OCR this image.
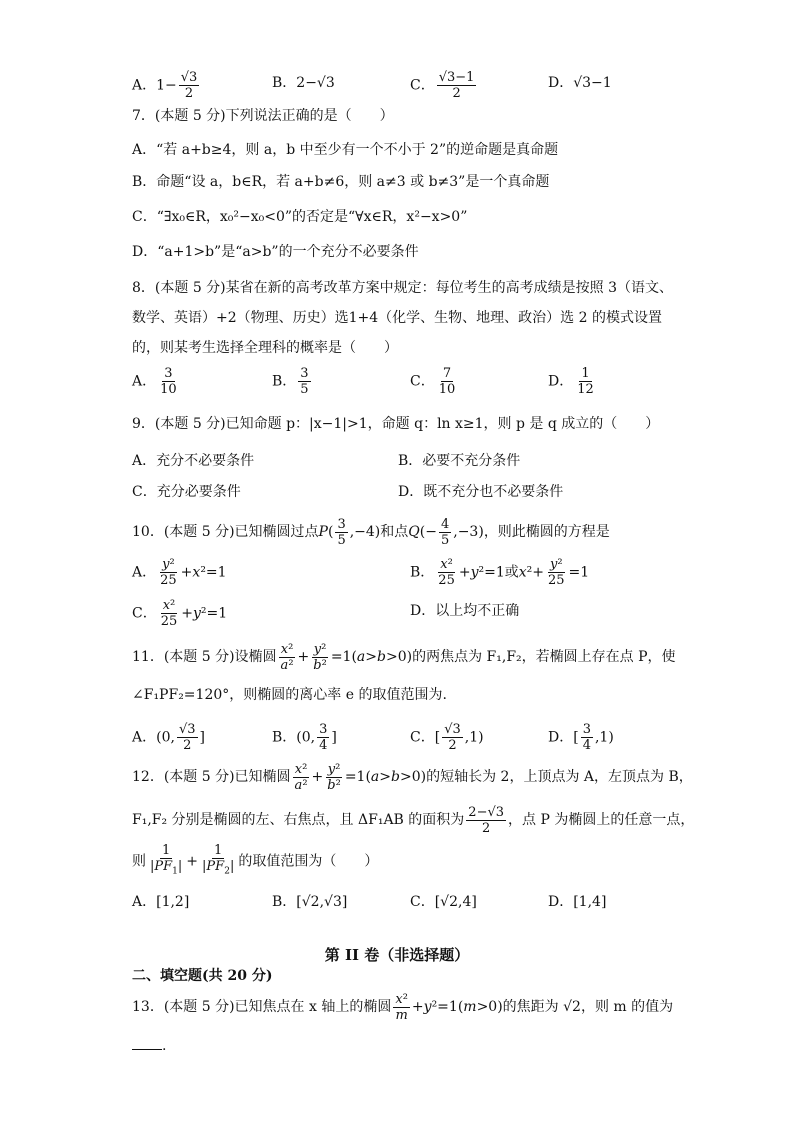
A．$1- \frac{√3}{2}$	B．2−√3	C． $\frac{√3-1}{2}$	D．√3−1
7．(本题 5 分)下列说法正确的是（　　）
A．“若 a+b≥4，则 a，b 中至少有一个不小于 2”的逆命题是真命题
B．命题“设 a，b∈R，若 a+b≠6，则 a≠3 或 b≠3”是一个真命题
C．“∃x₀∈R，x₀²−x₀<0”的否定是“∀x∈R，x²−x>0”
D．“a+1>b”是“a>b”的一个充分不必要条件
8．(本题 5 分)某省在新的高考改革方案中规定：每位考生的高考成绩是按照 3（语文、
数学、英语）+2（物理、历史）选1+4（化学、生物、地理、政治）选 2 的模式设置
的，则某考生选择全理科的概率是（　　）
A． $\frac{3}{10}$	B． $\frac{3}{5}$	C． $\frac{7}{10}$	D． $\frac{1}{12}$
9．(本题 5 分)已知命题 p：|x−1|>1，命题 q：ln x≥1，则 p 是 q 成立的（　　）
A．充分不必要条件	B．必要不充分条件
C．充分必要条件	D．既不充分也不必要条件
10．(本题 5 分)已知椭圆过点$P( \frac{3}{5} ,-4)$和点$Q(- \frac{4}{5} ,-3)$，则此椭圆的方程是
A． $\frac{\text{y²}}{25} +x^2=1$	B． $\frac{\text{x²}}{25} +y^2=1$或$x^2+ \frac{\text{y²}}{25} =1$
C． $\frac{\text{x²}}{25} +y^2=1$	D．以上均不正确
11．(本题 5 分)设椭圆 $\frac{\text{x²}}{\text{a²}} + \frac{\text{y²}}{\text{b²}} =1(a>b>0)$的两焦点为 F₁,F₂，若椭圆上存在点 P，使
∠F₁PF₂=120°，则椭圆的离心率 e 的取值范围为.
A．(0, $\frac{√3}{2}$ ]	B．(0, $\frac{3}{4}$ ]	C．[ $\frac{√3}{2} ,1$)	D．[ $\frac{3}{4} ,1$)
12．(本题 5 分)已知椭圆 $\frac{\text{x²}}{\text{a²}} + \frac{\text{y²}}{\text{b²}} =1(a>b>0)$的短轴长为 2，上顶点为 A，左顶点为 B，
F₁,F₂ 分别是椭圆的左、右焦点，且 ΔF₁AB 的面积为 $\frac{2-√3}{2}$ ，点 P 为椭圆上的任意一点，
则 $\frac{1}{|PF_1|} + \frac{1}{|PF_2|}$ 的取值范围为（　　）
A．[1,2]	B．[√2,√3]	C．[√2,4]	D．[1,4]
第 II 卷（非选择题）
二、填空题(共 20 分)
13．(本题 5 分)已知焦点在 x 轴上的椭圆 $\frac{\text{x²}}{m} +y^2=1(m>0)$的焦距为 √2，则 m 的值为
.
